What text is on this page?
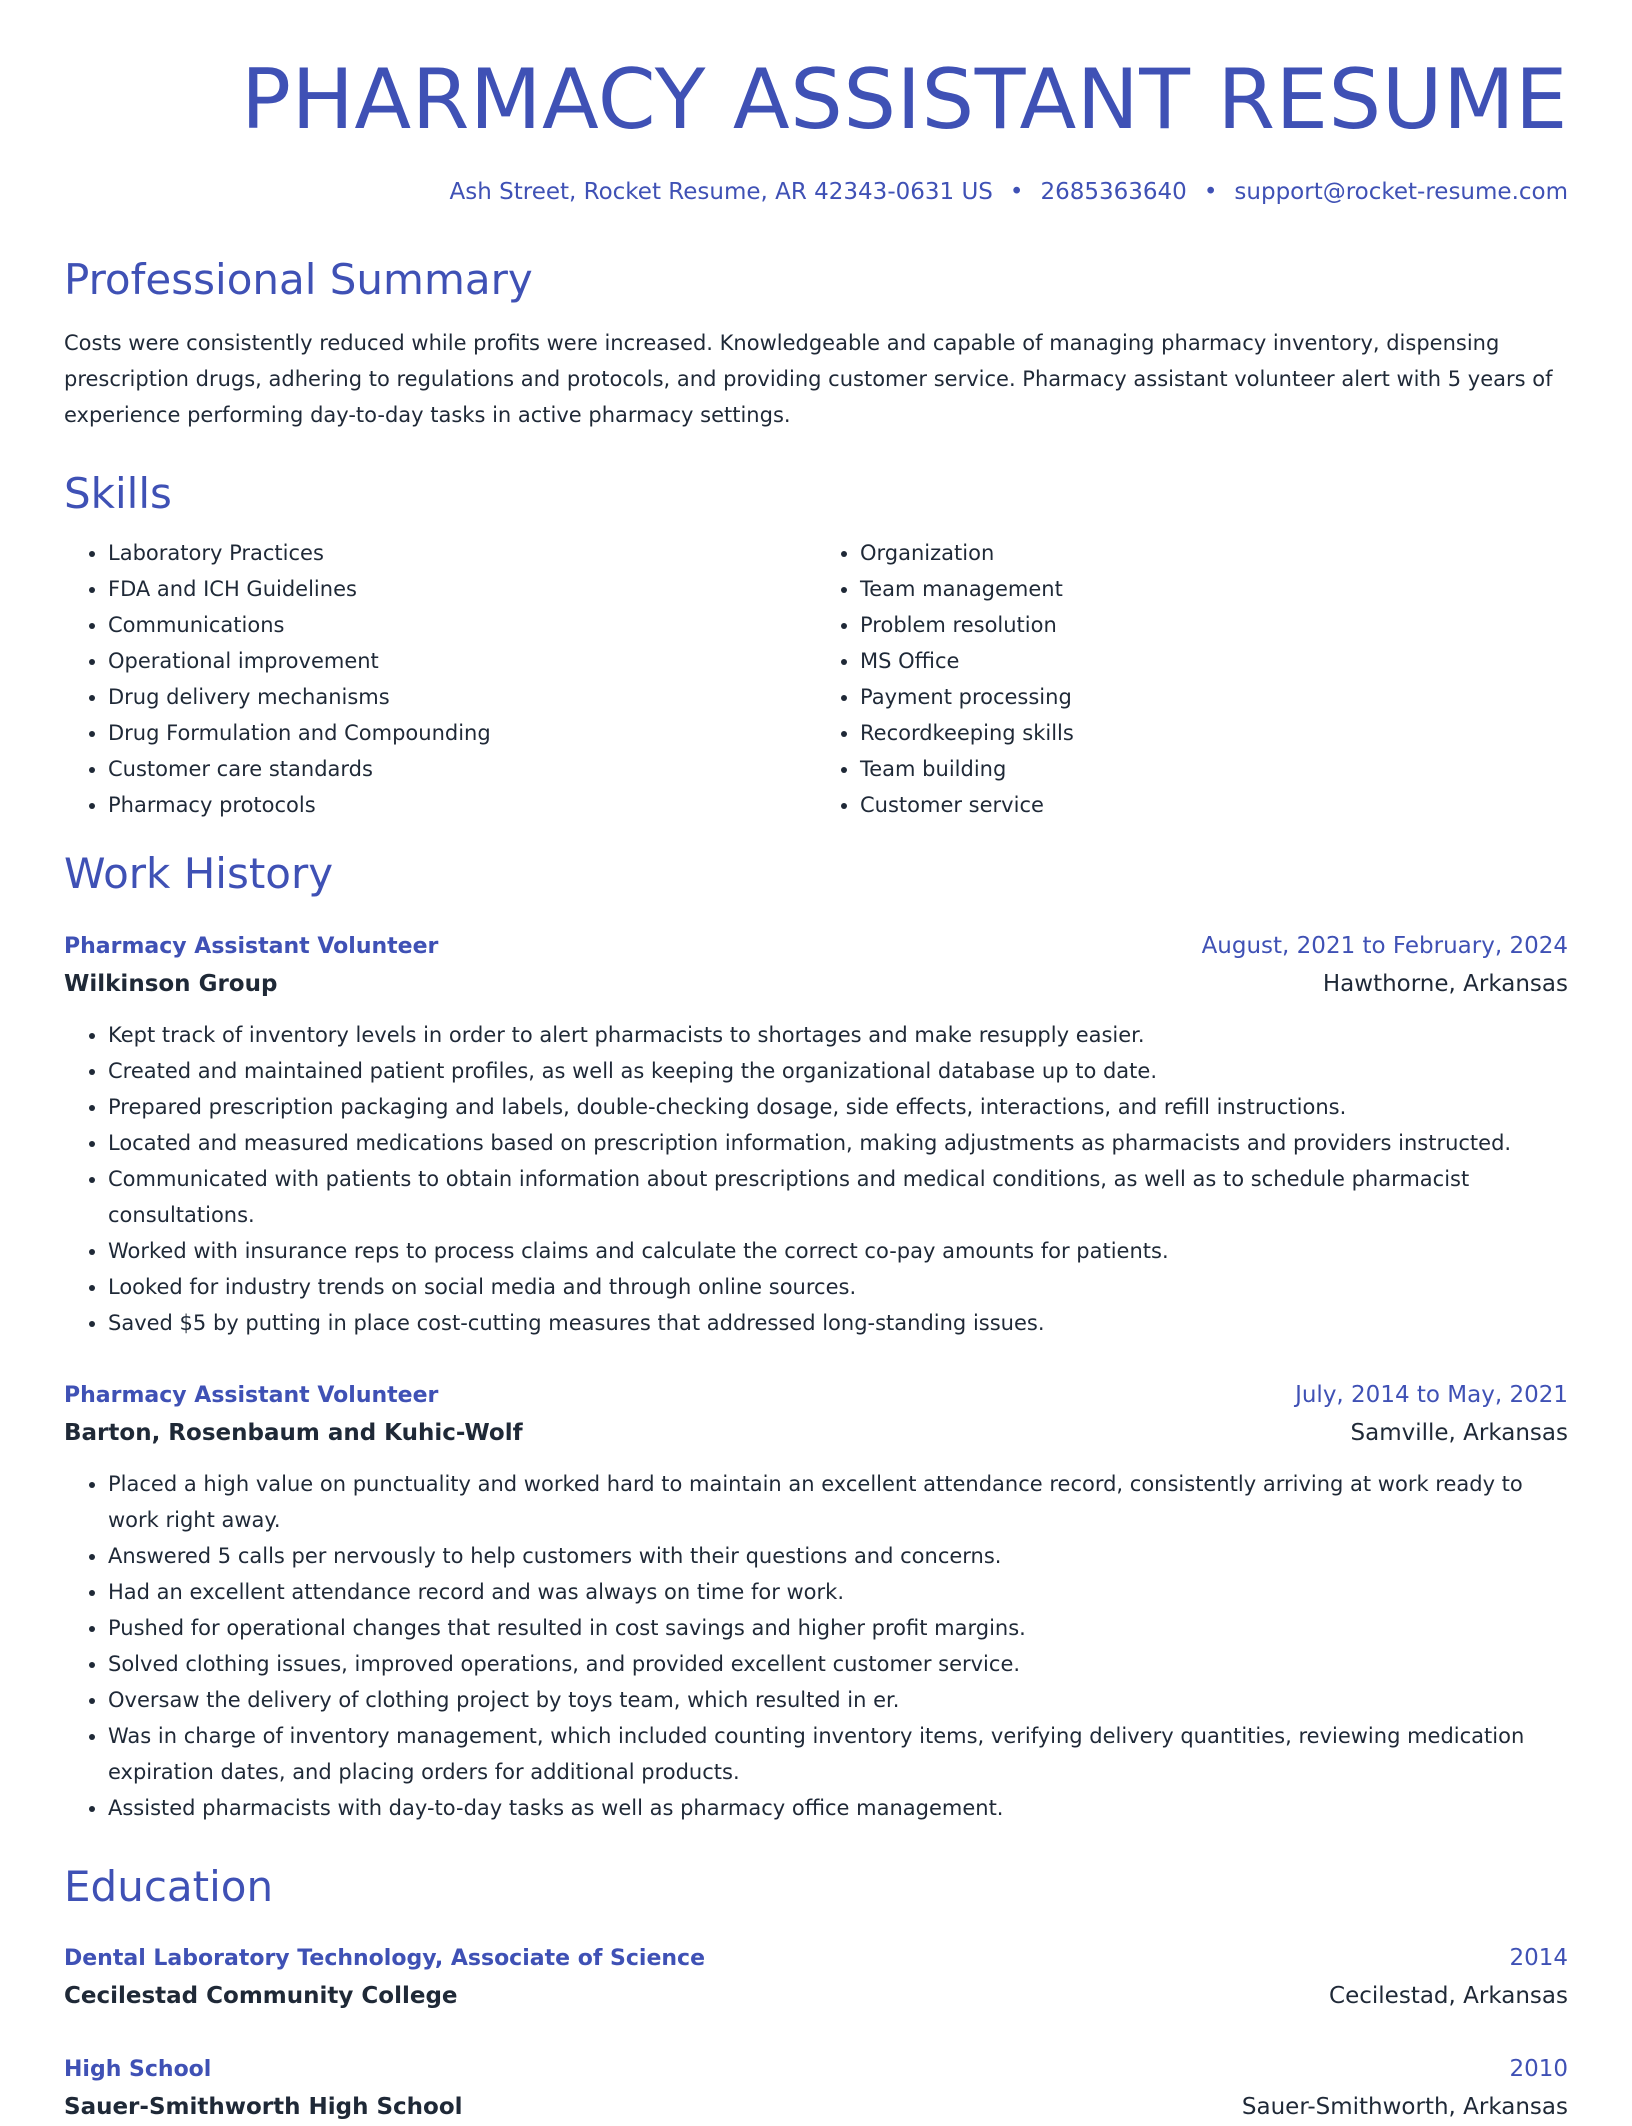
PHARMACY ASSISTANT RESUME
Ash Street, Rocket Resume, AR 42343-0631 US • 2685363640 • support@rocket-resume.com
Professional Summary
Costs were consistently reduced while profits were increased. Knowledgeable and capable of managing pharmacy inventory, dispensing prescription drugs, adhering to regulations and protocols, and providing customer service. Pharmacy assistant volunteer alert with 5 years of experience performing day-to-day tasks in active pharmacy settings.
Skills
• Laboratory Practices
• FDA and ICH Guidelines
• Communications
• Operational improvement
• Drug delivery mechanisms
• Drug Formulation and Compounding
• Customer care standards
• Pharmacy protocols
• Organization
• Team management
• Problem resolution
• MS Office
• Payment processing
• Recordkeeping skills
• Team building
• Customer service
Work History
Pharmacy Assistant Volunteer	August, 2021 to February, 2024
Wilkinson Group	Hawthorne, Arkansas
• Kept track of inventory levels in order to alert pharmacists to shortages and make resupply easier.
• Created and maintained patient profiles, as well as keeping the organizational database up to date.
• Prepared prescription packaging and labels, double-checking dosage, side effects, interactions, and refill instructions.
• Located and measured medications based on prescription information, making adjustments as pharmacists and providers instructed.
• Communicated with patients to obtain information about prescriptions and medical conditions, as well as to schedule pharmacist consultations.
• Worked with insurance reps to process claims and calculate the correct co-pay amounts for patients.
• Looked for industry trends on social media and through online sources.
• Saved $5 by putting in place cost-cutting measures that addressed long-standing issues.
Pharmacy Assistant Volunteer	July, 2014 to May, 2021
Barton, Rosenbaum and Kuhic-Wolf	Samville, Arkansas
• Placed a high value on punctuality and worked hard to maintain an excellent attendance record, consistently arriving at work ready to work right away.
• Answered 5 calls per nervously to help customers with their questions and concerns.
• Had an excellent attendance record and was always on time for work.
• Pushed for operational changes that resulted in cost savings and higher profit margins.
• Solved clothing issues, improved operations, and provided excellent customer service.
• Oversaw the delivery of clothing project by toys team, which resulted in er.
• Was in charge of inventory management, which included counting inventory items, verifying delivery quantities, reviewing medication expiration dates, and placing orders for additional products.
• Assisted pharmacists with day-to-day tasks as well as pharmacy office management.
Education
Dental Laboratory Technology, Associate of Science	2014
Cecilestad Community College	Cecilestad, Arkansas
High School	2010
Sauer-Smithworth High School	Sauer-Smithworth, Arkansas
